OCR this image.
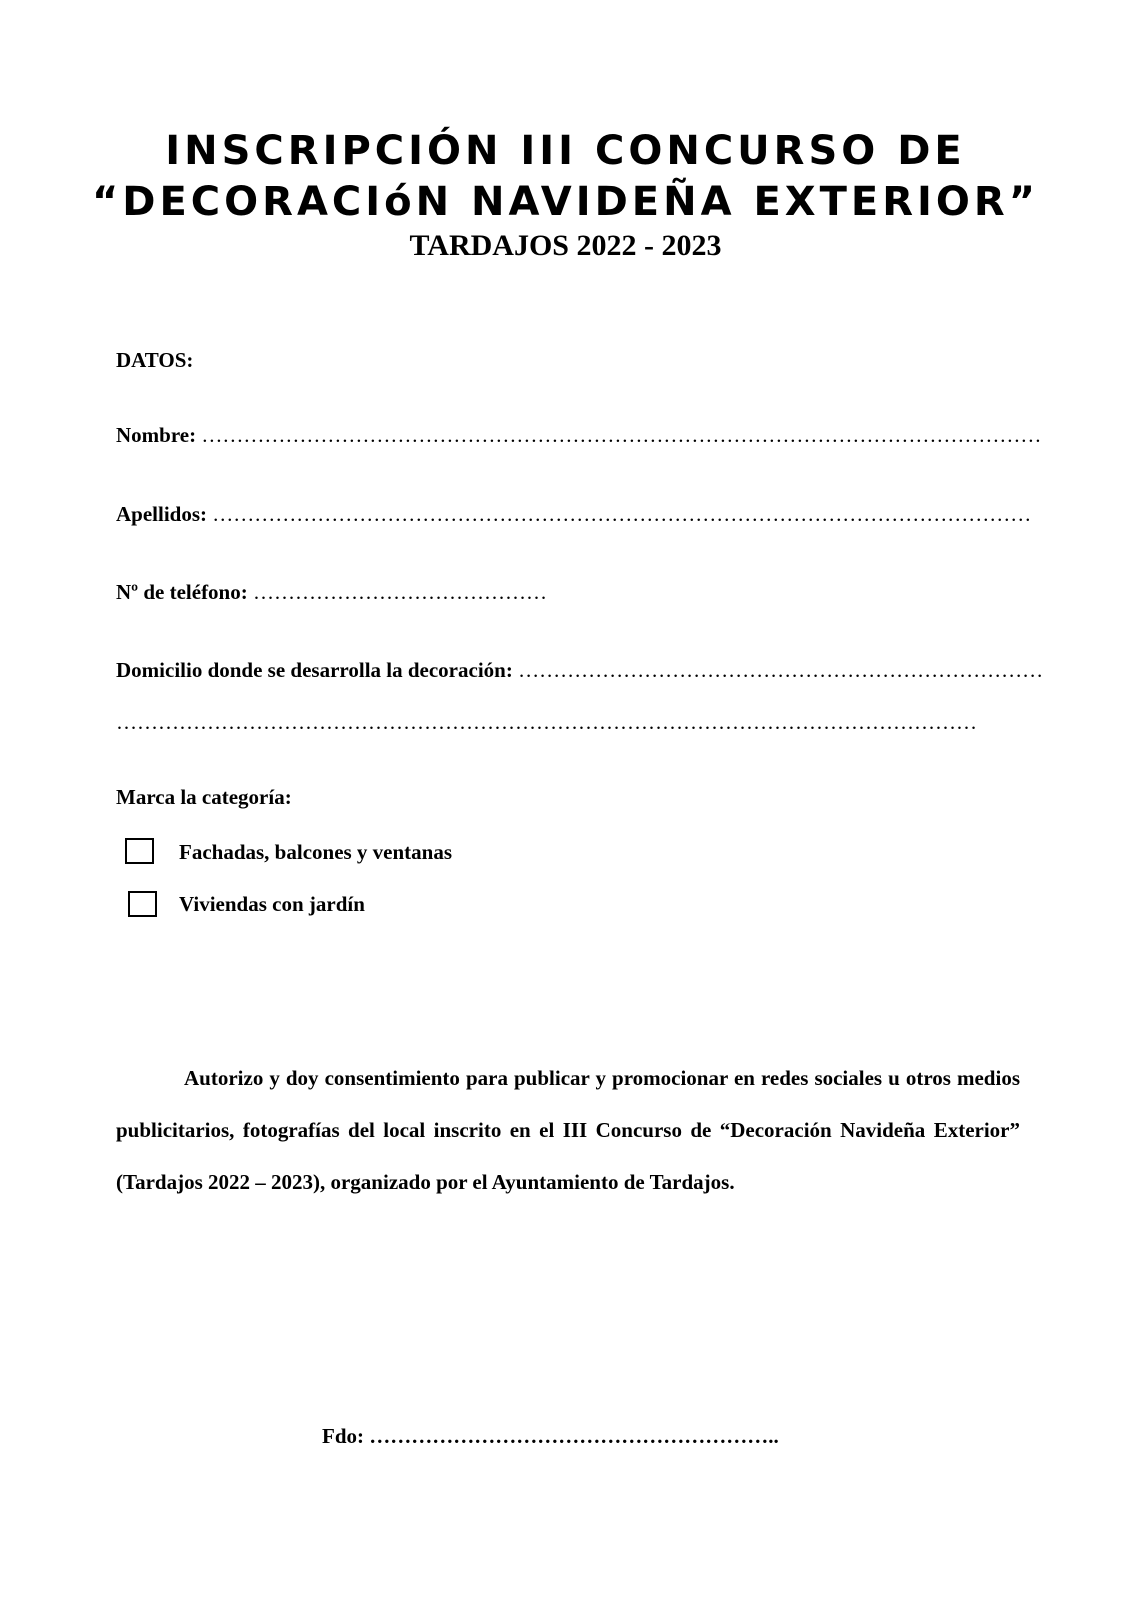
INSCRIPCIÓN III CONCURSO DE
“DECORACIóN NAVIDEÑA EXTERIOR”
TARDAJOS 2022 - 2023
DATOS:
Nombre: …………………………………………………………………………………………………………
Apellidos: ………………………………………………………………………………………………………
Nº de teléfono: ……………………………………
Domicilio donde se desarrolla la decoración: …………………………………………………………………
……………………………………………………………………………………………………………
Marca la categoría:
Fachadas, balcones y ventanas
Viviendas con jardín

Autorizo y doy consentimiento para publicar y promocionar en redes sociales u otros medios publicitarios, fotografías del local inscrito en el III Concurso de “Decoración Navideña Exterior” (Tardajos 2022 – 2023), organizado por el Ayuntamiento de Tardajos.

Fdo: …………………………………………………..
